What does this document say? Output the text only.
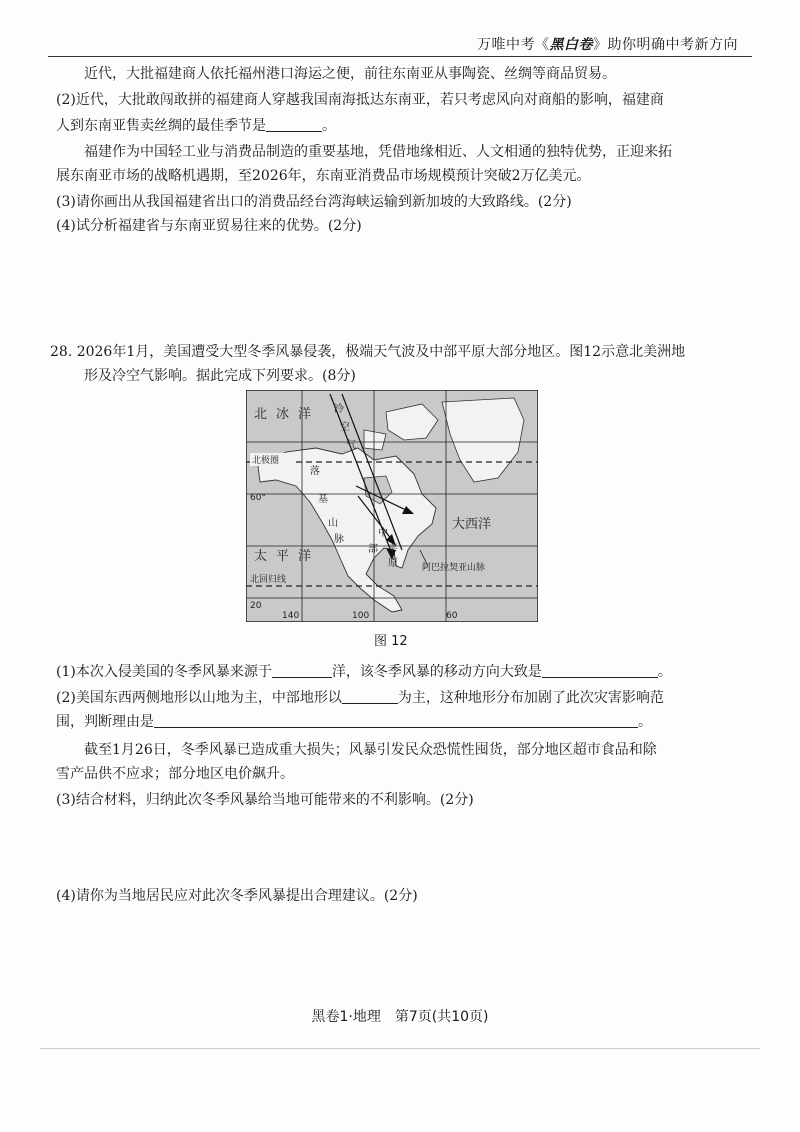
万唯中考《黑白卷》助你明确中考新方向
近代，大批福建商人依托福州港口海运之便，前往东南亚从事陶瓷、丝绸等商品贸易。
(2)近代，大批敢闯敢拼的福建商人穿越我国南海抵达东南亚，若只考虑风向对商船的影响，福建商
人到东南亚售卖丝绸的最佳季节是	。
福建作为中国轻工业与消费品制造的重要基地，凭借地缘相近、人文相通的独特优势，正迎来拓
展东南亚市场的战略机遇期，至2026年，东南亚消费品市场规模预计突破2万亿美元。
(3)请你画出从我国福建省出口的消费品经台湾海峡运输到新加坡的大致路线。(2分)
(4)试分析福建省与东南亚贸易往来的优势。(2分)
28. 2026年1月，美国遭受大型冬季风暴侵袭，极端天气波及中部平原大部分地区。图12示意北美洲地
形及冷空气影响。据此完成下列要求。(8分)
北 冰 洋
北极圈
60°
北回归线
20
140	100	60
阿巴拉契亚山脉
太 平 洋
大西洋
落
基
山
脉
中
部 平
原
冷
空
气
图 12
(1)本次入侵美国的冬季风暴来源于	洋，该冬季风暴的移动方向大致是	。
(2)美国东西两侧地形以山地为主，中部地形以	为主，这种地形分布加剧了此次灾害影响范
围，判断理由是	。
截至1月26日，冬季风暴已造成重大损失；风暴引发民众恐慌性囤货，部分地区超市食品和除
雪产品供不应求；部分地区电价飙升。
(3)结合材料，归纳此次冬季风暴给当地可能带来的不利影响。(2分)
(4)请你为当地居民应对此次冬季风暴提出合理建议。(2分)
黑卷1·地理　第7页(共10页)
